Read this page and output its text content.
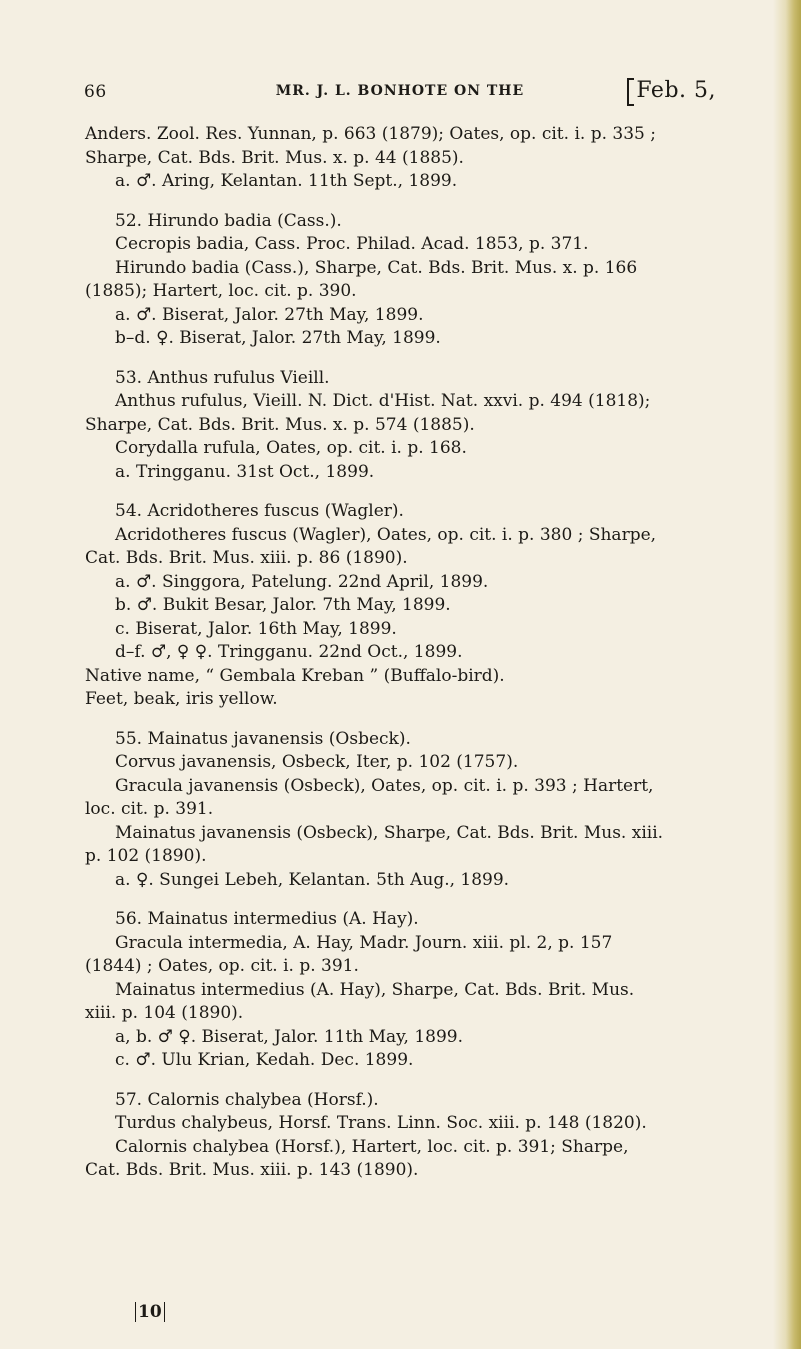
66	MR. J. L. BONHOTE ON THE	Feb. 5,
Anders. Zool. Res. Yunnan, p. 663 (1879); Oates, op. cit. i. p. 335 ;
Sharpe, Cat. Bds. Brit. Mus. x. p. 44 (1885).
a. ♂. Aring, Kelantan. 11th Sept., 1899.
52. Hirundo badia (Cass.).
Cecropis badia, Cass. Proc. Philad. Acad. 1853, p. 371.
Hirundo badia (Cass.), Sharpe, Cat. Bds. Brit. Mus. x. p. 166
(1885); Hartert, loc. cit. p. 390.
a. ♂. Biserat, Jalor. 27th May, 1899.
b–d. ♀. Biserat, Jalor. 27th May, 1899.
53. Anthus rufulus Vieill.
Anthus rufulus, Vieill. N. Dict. d'Hist. Nat. xxvi. p. 494 (1818);
Sharpe, Cat. Bds. Brit. Mus. x. p. 574 (1885).
Corydalla rufula, Oates, op. cit. i. p. 168.
a. Tringganu. 31st Oct., 1899.
54. Acridotheres fuscus (Wagler).
Acridotheres fuscus (Wagler), Oates, op. cit. i. p. 380 ; Sharpe,
Cat. Bds. Brit. Mus. xiii. p. 86 (1890).
a. ♂. Singgora, Patelung. 22nd April, 1899.
b. ♂. Bukit Besar, Jalor. 7th May, 1899.
c. Biserat, Jalor. 16th May, 1899.
d–f. ♂, ♀ ♀. Tringganu. 22nd Oct., 1899.
Native name, “ Gembala Kreban ” (Buffalo-bird).
Feet, beak, iris yellow.
55. Mainatus javanensis (Osbeck).
Corvus javanensis, Osbeck, Iter, p. 102 (1757).
Gracula javanensis (Osbeck), Oates, op. cit. i. p. 393 ; Hartert,
loc. cit. p. 391.
Mainatus javanensis (Osbeck), Sharpe, Cat. Bds. Brit. Mus. xiii.
p. 102 (1890).
a. ♀. Sungei Lebeh, Kelantan. 5th Aug., 1899.
56. Mainatus intermedius (A. Hay).
Gracula intermedia, A. Hay, Madr. Journ. xiii. pl. 2, p. 157
(1844) ; Oates, op. cit. i. p. 391.
Mainatus intermedius (A. Hay), Sharpe, Cat. Bds. Brit. Mus.
xiii. p. 104 (1890).
a, b. ♂ ♀. Biserat, Jalor. 11th May, 1899.
c. ♂. Ulu Krian, Kedah. Dec. 1899.
57. Calornis chalybea (Horsf.).
Turdus chalybeus, Horsf. Trans. Linn. Soc. xiii. p. 148 (1820).
Calornis chalybea (Horsf.), Hartert, loc. cit. p. 391; Sharpe,
Cat. Bds. Brit. Mus. xiii. p. 143 (1890).
10
